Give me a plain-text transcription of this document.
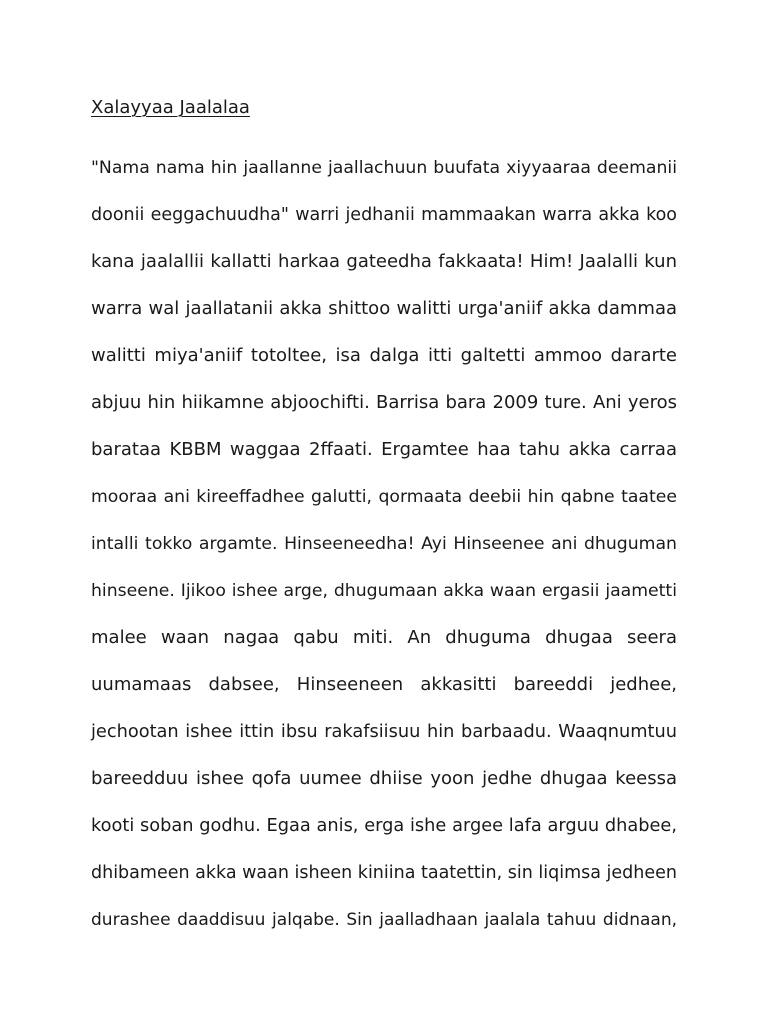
Xalayyaa Jaalalaa
"Nama nama hin jaallanne jaallachuun buufata xiyyaaraa deemanii
doonii eeggachuudha" warri jedhanii mammaakan warra akka koo
kana jaalallii kallatti harkaa gateedha fakkaata! Him! Jaalalli kun
warra wal jaallatanii akka shittoo walitti urga'aniif akka dammaa
walitti miya'aniif totoltee, isa dalga itti galtetti ammoo dararte
abjuu hin hiikamne abjoochifti. Barrisa bara 2009 ture. Ani yeros
barataa KBBM waggaa 2ffaati. Ergamtee haa tahu akka carraa
mooraa ani kireeffadhee galutti, qormaata deebii hin qabne taatee
intalli tokko argamte. Hinseeneedha! Ayi Hinseenee ani dhuguman
hinseene. Ijikoo ishee arge, dhugumaan akka waan ergasii jaametti
malee waan nagaa qabu miti. An dhuguma dhugaa seera
uumamaas dabsee, Hinseeneen akkasitti bareeddi jedhee,
jechootan ishee ittin ibsu rakafsiisuu hin barbaadu. Waaqnumtuu
bareedduu ishee qofa uumee dhiise yoon jedhe dhugaa keessa
kooti soban godhu. Egaa anis, erga ishe argee lafa arguu dhabee,
dhibameen akka waan isheen kiniina taatettin, sin liqimsa jedheen
durashee daaddisuu jalqabe. Sin jaalladhaan jaalala tahuu didnaan,
